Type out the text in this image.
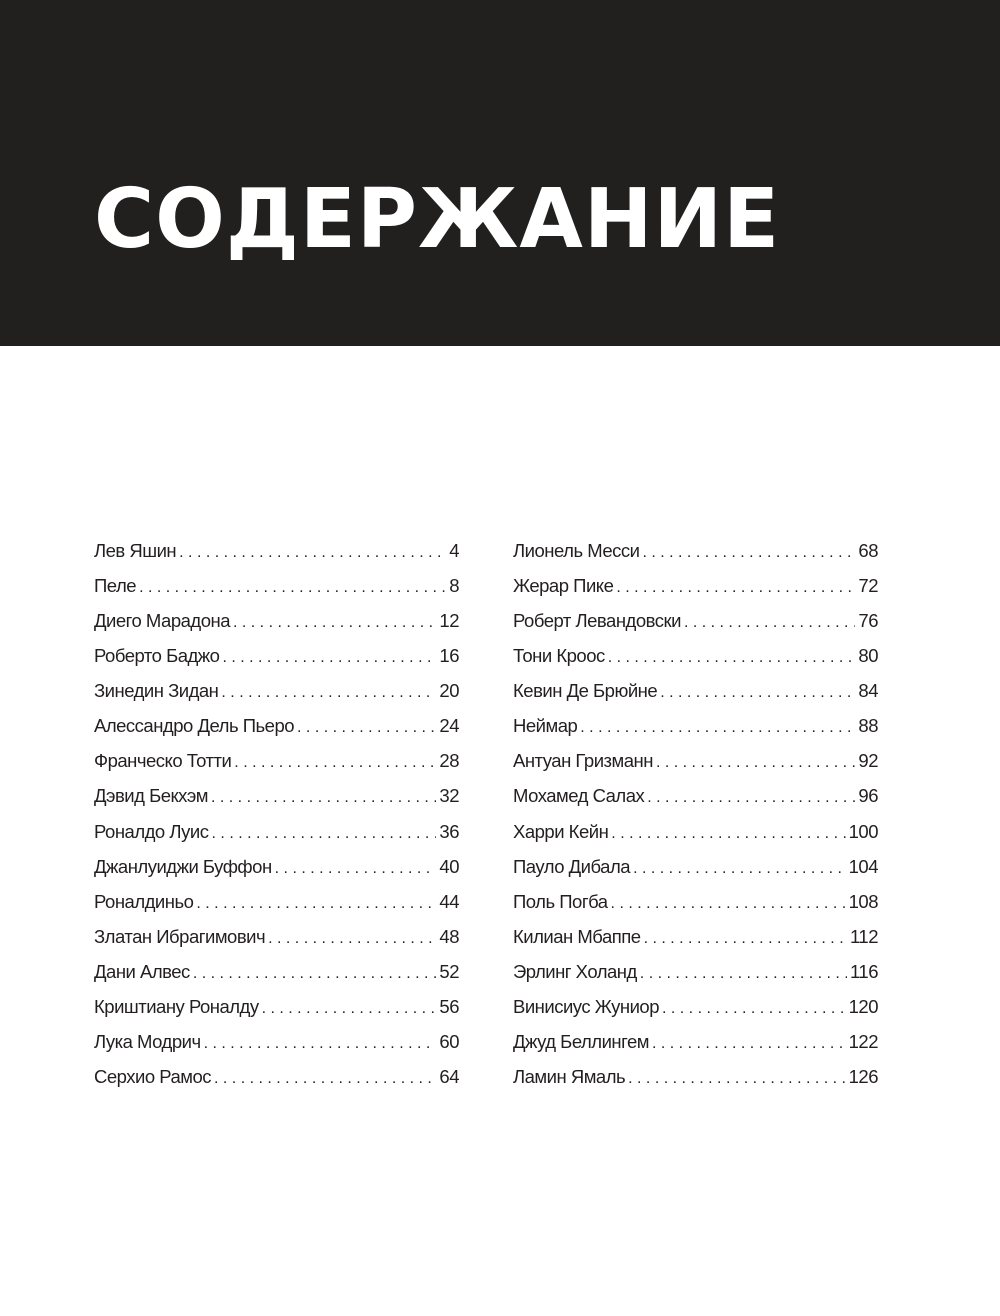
СОДЕРЖАНИЕ
Лев Яшин . . .	4
Пеле . . .	8
Диего Марадона . . .	12
Роберто Баджо . . .	16
Зинедин Зидан . . .	20
Алессандро Дель Пьеро . . .	24
Франческо Тотти . . .	28
Дэвид Бекхэм . . .	32
Роналдо Луис . . .	36
Джанлуиджи Буффон . . .	40
Роналдиньо . . .	44
Златан Ибрагимович . . .	48
Дани Алвес . . .	52
Криштиану Роналду . . .	56
Лука Модрич . . .	60
Серхио Рамос . . .	64
Лионель Месси . . .	68
Жерар Пике . . .	72
Роберт Левандовски . . .	76
Тони Кроос . . .	80
Кевин Де Брюйне . . .	84
Неймар . . .	88
Антуан Гризманн . . .	92
Мохамед Салах . . .	96
Харри Кейн . . .	100
Пауло Дибала . . .	104
Поль Погба . . .	108
Килиан Мбаппе . . .	112
Эрлинг Холанд . . .	116
Винисиус Жуниор . . .	120
Джуд Беллингем . . .	122
Ламин Ямаль . . .	126
